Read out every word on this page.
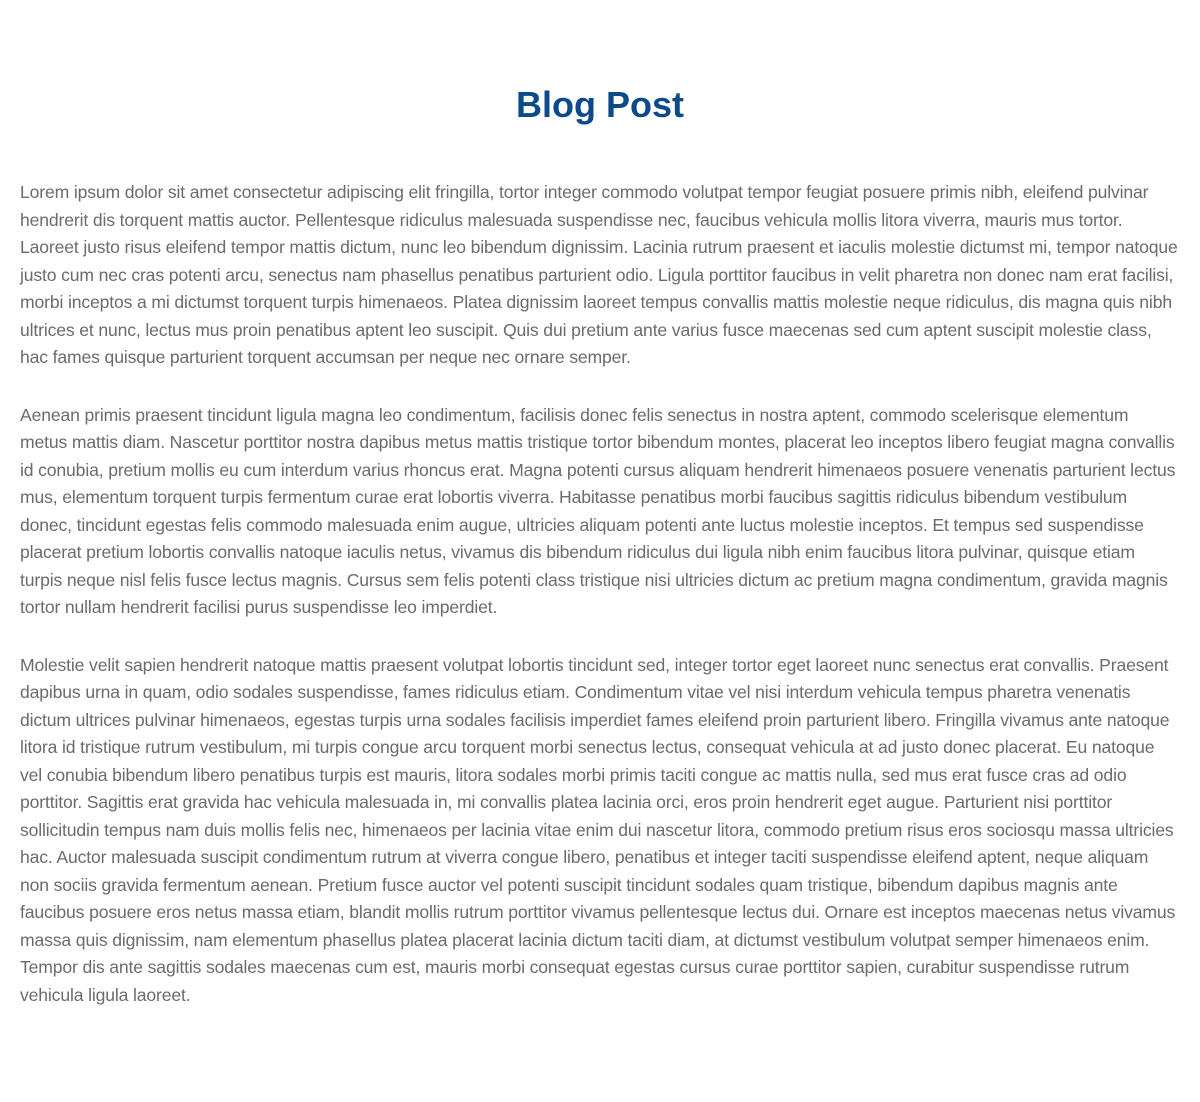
Blog Post

Lorem ipsum dolor sit amet consectetur adipiscing elit fringilla, tortor integer commodo volutpat tempor feugiat posuere primis nibh, eleifend pulvinar hendrerit dis torquent mattis auctor. Pellentesque ridiculus malesuada suspendisse nec, faucibus vehicula mollis litora viverra, mauris mus tortor. Laoreet justo risus eleifend tempor mattis dictum, nunc leo bibendum dignissim. Lacinia rutrum praesent et iaculis molestie dictumst mi, tempor natoque justo cum nec cras potenti arcu, senectus nam phasellus penatibus parturient odio. Ligula porttitor faucibus in velit pharetra non donec nam erat facilisi, morbi inceptos a mi dictumst torquent turpis himenaeos. Platea dignissim laoreet tempus convallis mattis molestie neque ridiculus, dis magna quis nibh ultrices et nunc, lectus mus proin penatibus aptent leo suscipit. Quis dui pretium ante varius fusce maecenas sed cum aptent suscipit molestie class, hac fames quisque parturient torquent accumsan per neque nec ornare semper.

Aenean primis praesent tincidunt ligula magna leo condimentum, facilisis donec felis senectus in nostra aptent, commodo scelerisque elementum metus mattis diam. Nascetur porttitor nostra dapibus metus mattis tristique tortor bibendum montes, placerat leo inceptos libero feugiat magna convallis id conubia, pretium mollis eu cum interdum varius rhoncus erat. Magna potenti cursus aliquam hendrerit himenaeos posuere venenatis parturient lectus mus, elementum torquent turpis fermentum curae erat lobortis viverra. Habitasse penatibus morbi faucibus sagittis ridiculus bibendum vestibulum donec, tincidunt egestas felis commodo malesuada enim augue, ultricies aliquam potenti ante luctus molestie inceptos. Et tempus sed suspendisse placerat pretium lobortis convallis natoque iaculis netus, vivamus dis bibendum ridiculus dui ligula nibh enim faucibus litora pulvinar, quisque etiam turpis neque nisl felis fusce lectus magnis. Cursus sem felis potenti class tristique nisi ultricies dictum ac pretium magna condimentum, gravida magnis tortor nullam hendrerit facilisi purus suspendisse leo imperdiet.

Molestie velit sapien hendrerit natoque mattis praesent volutpat lobortis tincidunt sed, integer tortor eget laoreet nunc senectus erat convallis. Praesent dapibus urna in quam, odio sodales suspendisse, fames ridiculus etiam. Condimentum vitae vel nisi interdum vehicula tempus pharetra venenatis dictum ultrices pulvinar himenaeos, egestas turpis urna sodales facilisis imperdiet fames eleifend proin parturient libero. Fringilla vivamus ante natoque litora id tristique rutrum vestibulum, mi turpis congue arcu torquent morbi senectus lectus, consequat vehicula at ad justo donec placerat. Eu natoque vel conubia bibendum libero penatibus turpis est mauris, litora sodales morbi primis taciti congue ac mattis nulla, sed mus erat fusce cras ad odio porttitor. Sagittis erat gravida hac vehicula malesuada in, mi convallis platea lacinia orci, eros proin hendrerit eget augue. Parturient nisi porttitor sollicitudin tempus nam duis mollis felis nec, himenaeos per lacinia vitae enim dui nascetur litora, commodo pretium risus eros sociosqu massa ultricies hac. Auctor malesuada suscipit condimentum rutrum at viverra congue libero, penatibus et integer taciti suspendisse eleifend aptent, neque aliquam non sociis gravida fermentum aenean. Pretium fusce auctor vel potenti suscipit tincidunt sodales quam tristique, bibendum dapibus magnis ante faucibus posuere eros netus massa etiam, blandit mollis rutrum porttitor vivamus pellentesque lectus dui. Ornare est inceptos maecenas netus vivamus massa quis dignissim, nam elementum phasellus platea placerat lacinia dictum taciti diam, at dictumst vestibulum volutpat semper himenaeos enim. Tempor dis ante sagittis sodales maecenas cum est, mauris morbi consequat egestas cursus curae porttitor sapien, curabitur suspendisse rutrum vehicula ligula laoreet.
